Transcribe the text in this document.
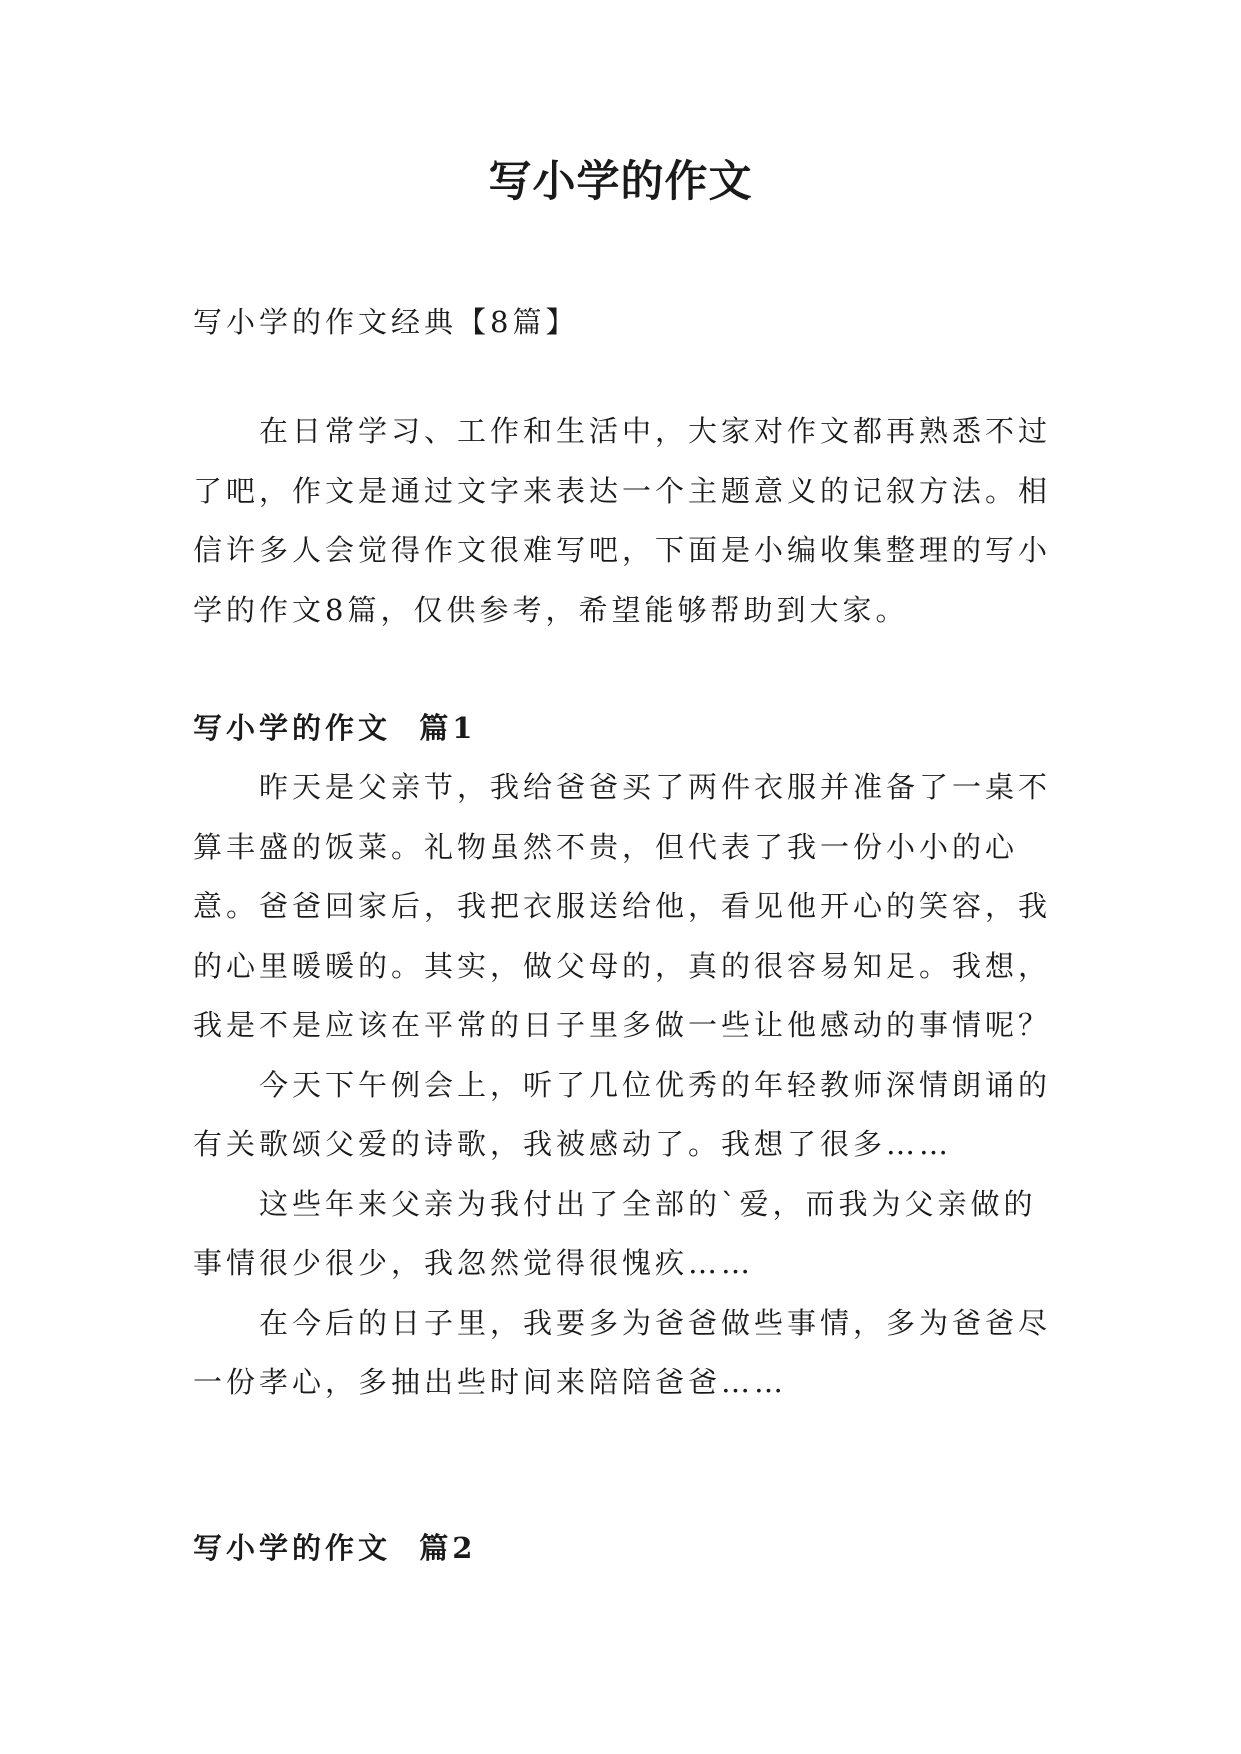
写小学的作文

写小学的作文经典【8篇】

在日常学习、工作和生活中，大家对作文都再熟悉不过了吧，作文是通过文字来表达一个主题意义的记叙方法。相信许多人会觉得作文很难写吧，下面是小编收集整理的写小学的作文8篇，仅供参考，希望能够帮助到大家。

写小学的作文  篇1

昨天是父亲节，我给爸爸买了两件衣服并准备了一桌不算丰盛的饭菜。礼物虽然不贵，但代表了我一份小小的心意。爸爸回家后，我把衣服送给他，看见他开心的笑容，我的心里暖暖的。其实，做父母的，真的很容易知足。我想，我是不是应该在平常的日子里多做一些让他感动的事情呢？

今天下午例会上，听了几位优秀的年轻教师深情朗诵的有关歌颂父爱的诗歌，我被感动了。我想了很多……

这些年来父亲为我付出了全部的`爱，而我为父亲做的事情很少很少，我忽然觉得很愧疚……

在今后的日子里，我要多为爸爸做些事情，多为爸爸尽一份孝心，多抽出些时间来陪陪爸爸……

写小学的作文  篇2
